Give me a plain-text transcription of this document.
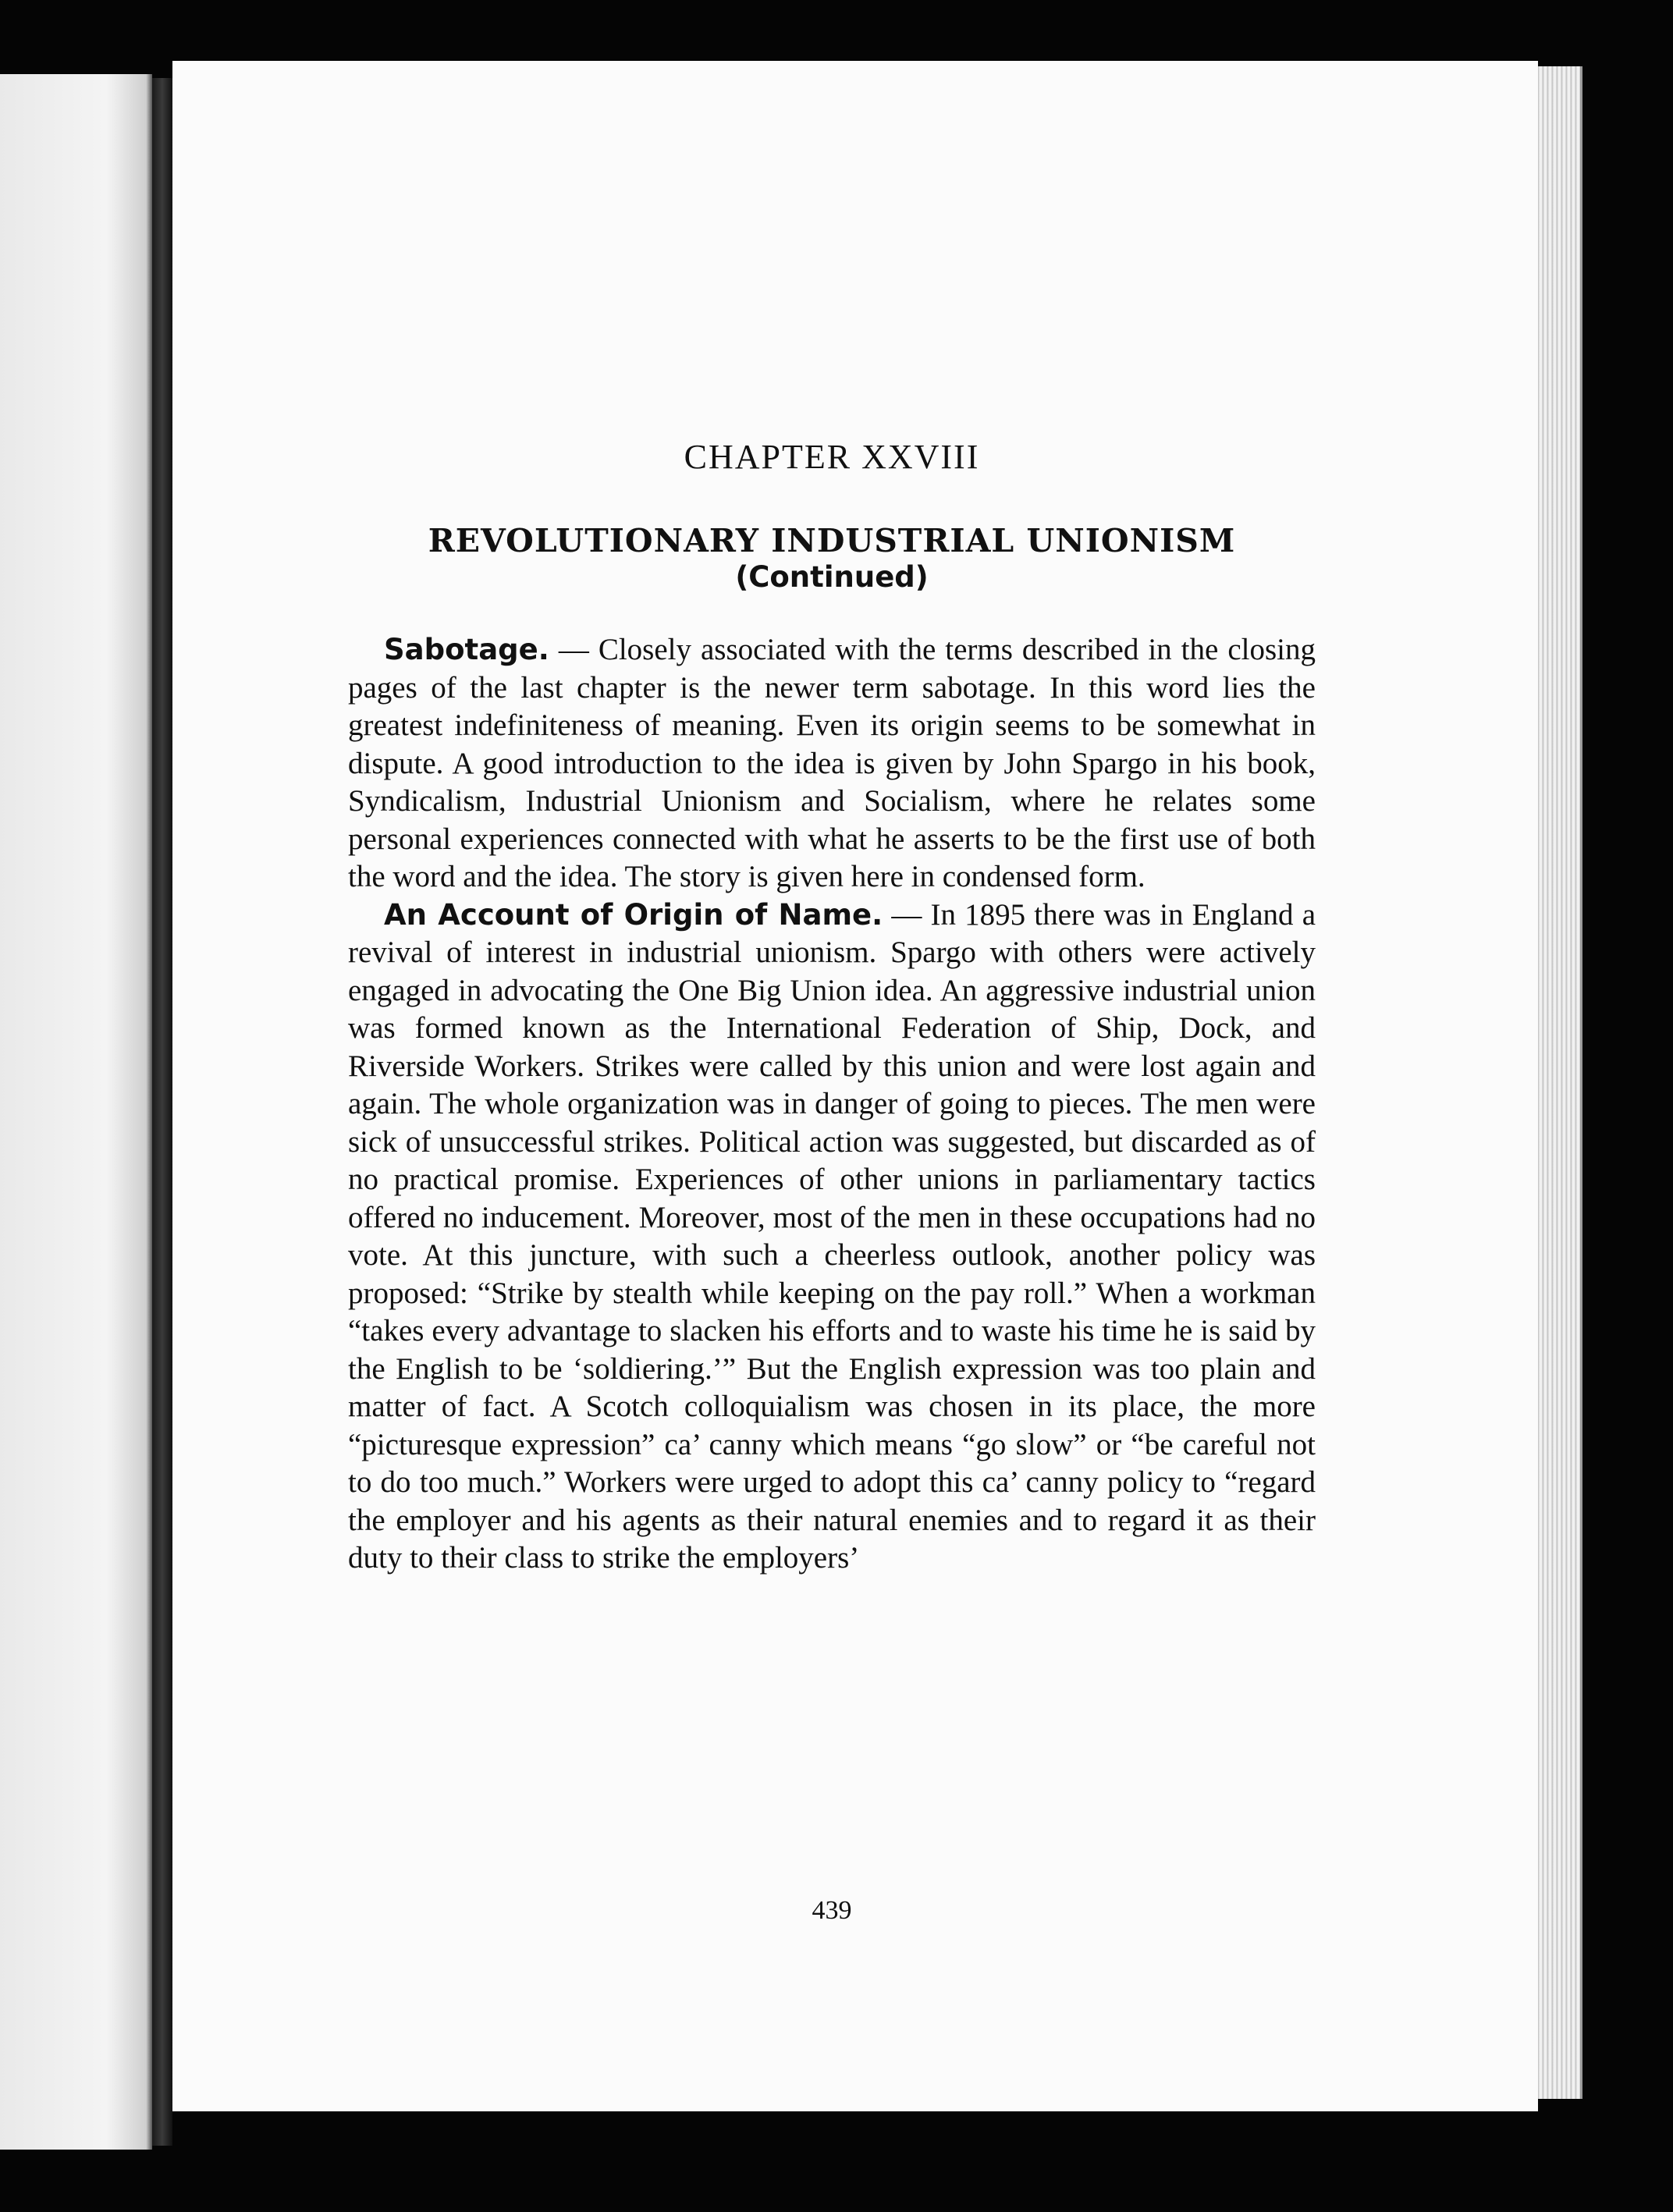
CHAPTER XXVIII
REVOLUTIONARY INDUSTRIAL UNIONISM
(Continued)

Sabotage. — Closely associated with the terms described in the closing pages of the last chapter is the newer term sabotage. In this word lies the greatest indefiniteness of meaning. Even its origin seems to be somewhat in dispute. A good introduction to the idea is given by John Spargo in his book, Syndicalism, Industrial Unionism and Socialism, where he relates some personal experiences connected with what he asserts to be the first use of both the word and the idea. The story is given here in condensed form.

An Account of Origin of Name. — In 1895 there was in England a revival of interest in industrial unionism. Spargo with others were actively engaged in advocating the One Big Union idea. An aggressive industrial union was formed known as the International Federation of Ship, Dock, and Riverside Workers. Strikes were called by this union and were lost again and again. The whole organization was in danger of going to pieces. The men were sick of unsuccessful strikes. Political action was suggested, but discarded as of no practical promise. Experiences of other unions in parliamentary tactics offered no inducement. Moreover, most of the men in these occupations had no vote. At this juncture, with such a cheerless outlook, another policy was proposed: “Strike by stealth while keeping on the pay roll.” When a workman “takes every advantage to slacken his efforts and to waste his time he is said by the English to be ‘soldiering.’” But the English expression was too plain and matter of fact. A Scotch colloquialism was chosen in its place, the more “picturesque expression” ca’ canny which means “go slow” or “be careful not to do too much.” Workers were urged to adopt this ca’ canny policy to “regard the employer and his agents as their natural enemies and to regard it as their duty to their class to strike the employers’

439
